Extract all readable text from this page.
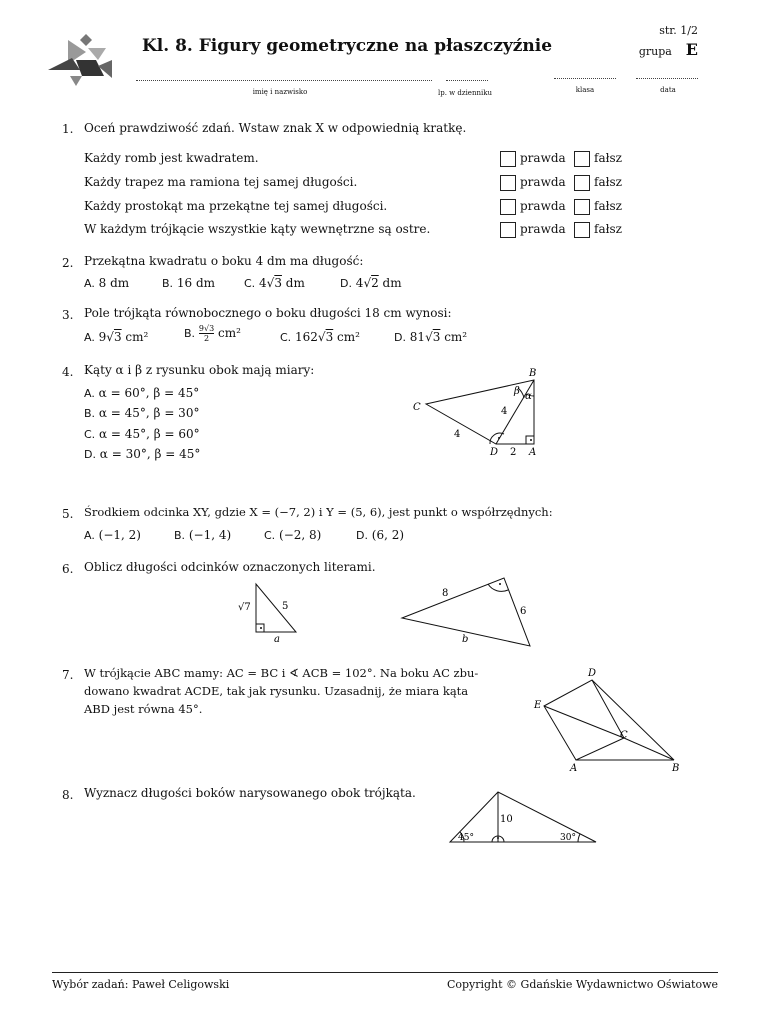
Kl. 8. Figury geometryczne na płaszczyźnie
str. 1/2
grupa E
imię i nazwisko	lp. w dzienniku	klasa	data
1. Oceń prawdziwość zdań. Wstaw znak X w odpowiednią kratkę.
Każdy romb jest kwadratem.	prawda fałsz
Każdy trapez ma ramiona tej samej długości.	prawda fałsz
Każdy prostokąt ma przekątne tej samej długości.	prawda fałsz
W każdym trójkącie wszystkie kąty wewnętrzne są ostre.	prawda fałsz
2. Przekątna kwadratu o boku 4 dm ma długość:
A. 8 dm	B. 16 dm	C. 4√3 dm	D. 4√2 dm
3. Pole trójkąta równobocznego o boku długości 18 cm wynosi:
A. 9√3 cm²	B. $\frac{9√3}{2} cm^2$	C. 162√3 cm²	D. 81√3 cm²
4. Kąty α i β z rysunku obok mają miary:
A. α = 60°, β = 45°
B. α = 45°, β = 30°
C. α = 45°, β = 60°
D. α = 30°, β = 45°
B
C
D	A
β α
4
4
2
5. Środkiem odcinka XY, gdzie X = (−7, 2) i Y = (5, 6), jest punkt o współrzędnych:
A. (−1, 2)	B. (−1, 4)	C. (−2, 8)	D. (6, 2)
6. Oblicz długości odcinków oznaczonych literami.
√7	5
a
8
6
b
7. W trójkącie ABC mamy: AC = BC i ∢ ACB = 102°. Na boku AC zbu-
dowano kwadrat ACDE, tak jak rysunku. Uzasadnij, że miara kąta
ABD jest równa 45°.
D
E
C
A	B
8. Wyznacz długości boków narysowanego obok trójkąta.
10
45°	30°
Wybór zadań: Paweł Celigowski	Copyright © Gdańskie Wydawnictwo Oświatowe
